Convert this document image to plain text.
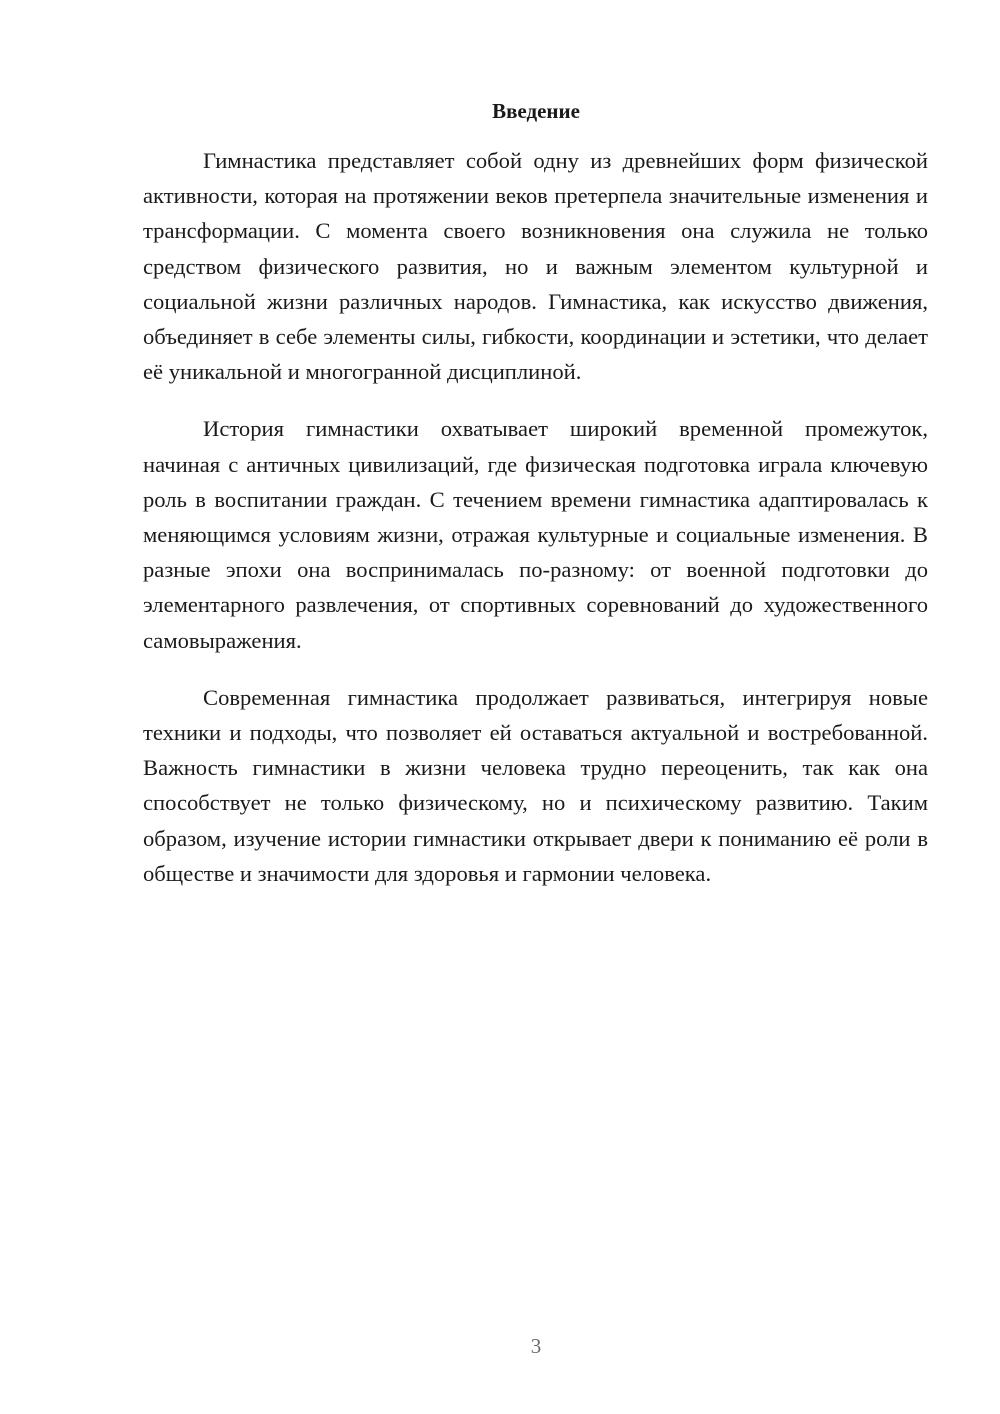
Введение

Гимнастика представляет собой одну из древнейших форм физической активности, которая на протяжении веков претерпела значительные изменения и трансформации. С момента своего возникновения она служила не только средством физического развития, но и важным элементом культурной и социальной жизни различных народов. Гимнастика, как искусство движения, объединяет в себе элементы силы, гибкости, координации и эстетики, что делает её уникальной и многогранной дисциплиной.

История гимнастики охватывает широкий временной промежуток, начиная с античных цивилизаций, где физическая подготовка играла ключевую роль в воспитании граждан. С течением времени гимнастика адаптировалась к меняющимся условиям жизни, отражая культурные и социальные изменения. В разные эпохи она воспринималась по-разному: от военной подготовки до элементарного развлечения, от спортивных соревнований до художественного самовыражения.

Современная гимнастика продолжает развиваться, интегрируя новые техники и подходы, что позволяет ей оставаться актуальной и востребованной. Важность гимнастики в жизни человека трудно переоценить, так как она способствует не только физическому, но и психическому развитию. Таким образом, изучение истории гимнастики открывает двери к пониманию её роли в обществе и значимости для здоровья и гармонии человека.

3
